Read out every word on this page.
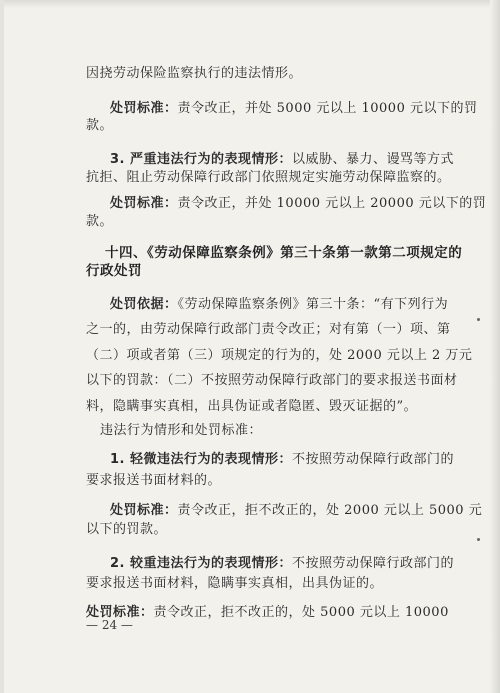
因挠劳动保险监察执行的违法情形。
处罚标准：责令改正，并处 5000 元以上 10000 元以下的罚
款。
3. 严重违法行为的表现情形：以威胁、暴力、谩骂等方式
抗拒、阻止劳动保障行政部门依照规定实施劳动保障监察的。
处罚标准：责令改正，并处 10000 元以上 20000 元以下的罚
款。
十四、《劳动保障监察条例》第三十条第一款第二项规定的
行政处罚
处罚依据：《劳动保障监察条例》第三十条：“有下列行为
之一的，由劳动保障行政部门责令改正；对有第（一）项、第
（二）项或者第（三）项规定的行为的，处 2000 元以上 2 万元
以下的罚款：（二）不按照劳动保障行政部门的要求报送书面材
料，隐瞒事实真相，出具伪证或者隐匿、毁灭证据的”。
违法行为情形和处罚标准：
1. 轻微违法行为的表现情形：不按照劳动保障行政部门的
要求报送书面材料的。
处罚标准：责令改正，拒不改正的，处 2000 元以上 5000 元
以下的罚款。
2. 较重违法行为的表现情形：不按照劳动保障行政部门的
要求报送书面材料，隐瞒事实真相，出具伪证的。
处罚标准：责令改正，拒不改正的，处 5000 元以上 10000
— 24 —
